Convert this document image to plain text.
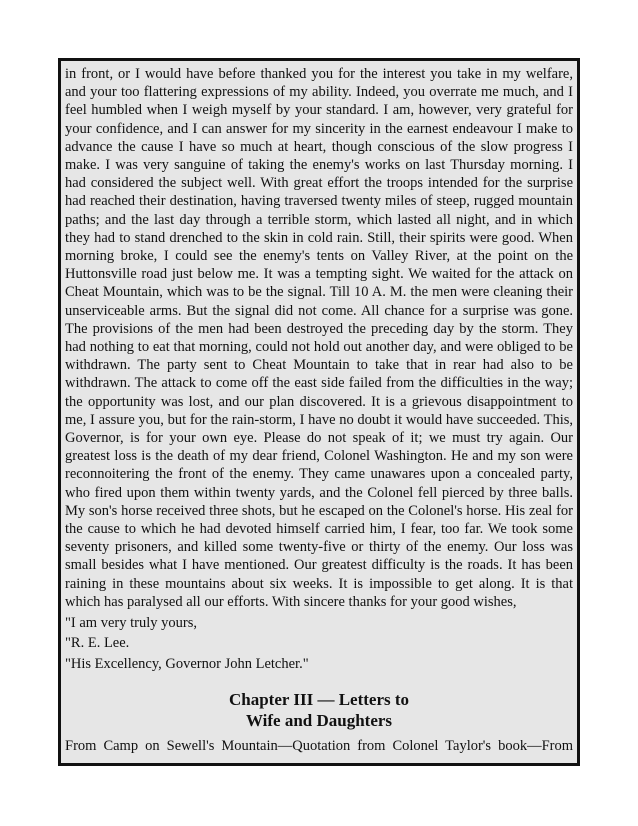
in front, or I would have before thanked you for the interest you take in my welfare, and your too flattering expressions of my ability. Indeed, you overrate me much, and I feel humbled when I weigh myself by your standard. I am, however, very grateful for your confidence, and I can answer for my sincerity in the earnest endeavour I make to advance the cause I have so much at heart, though conscious of the slow progress I make. I was very sanguine of taking the enemy's works on last Thursday morning. I had considered the subject well. With great effort the troops intended for the surprise had reached their destination, having traversed twenty miles of steep, rugged mountain paths; and the last day through a terrible storm, which lasted all night, and in which they had to stand drenched to the skin in cold rain. Still, their spirits were good. When morning broke, I could see the enemy's tents on Valley River, at the point on the Huttonsville road just below me. It was a tempting sight. We waited for the attack on Cheat Mountain, which was to be the signal. Till 10 A. M. the men were cleaning their unserviceable arms. But the signal did not come. All chance for a surprise was gone. The provisions of the men had been destroyed the preceding day by the storm. They had nothing to eat that morning, could not hold out another day, and were obliged to be withdrawn. The party sent to Cheat Mountain to take that in rear had also to be withdrawn. The attack to come off the east side failed from the difficulties in the way; the opportunity was lost, and our plan discovered. It is a grievous disappointment to me, I assure you, but for the rain-storm, I have no doubt it would have succeeded. This, Governor, is for your own eye. Please do not speak of it; we must try again. Our greatest loss is the death of my dear friend, Colonel Washington. He and my son were reconnoitering the front of the enemy. They came unawares upon a concealed party, who fired upon them within twenty yards, and the Colonel fell pierced by three balls. My son's horse received three shots, but he escaped on the Colonel's horse. His zeal for the cause to which he had devoted himself carried him, I fear, too far. We took some seventy prisoners, and killed some twenty-five or thirty of the enemy. Our loss was small besides what I have mentioned. Our greatest difficulty is the roads. It has been raining in these mountains about six weeks. It is impossible to get along. It is that which has paralysed all our efforts. With sincere thanks for your good wishes,

"I am very truly yours,

"R. E. Lee.

"His Excellency, Governor John Letcher."

Chapter III — Letters to
Wife and Daughters

From Camp on Sewell's Mountain—Quotation from Colonel Taylor's book—From
